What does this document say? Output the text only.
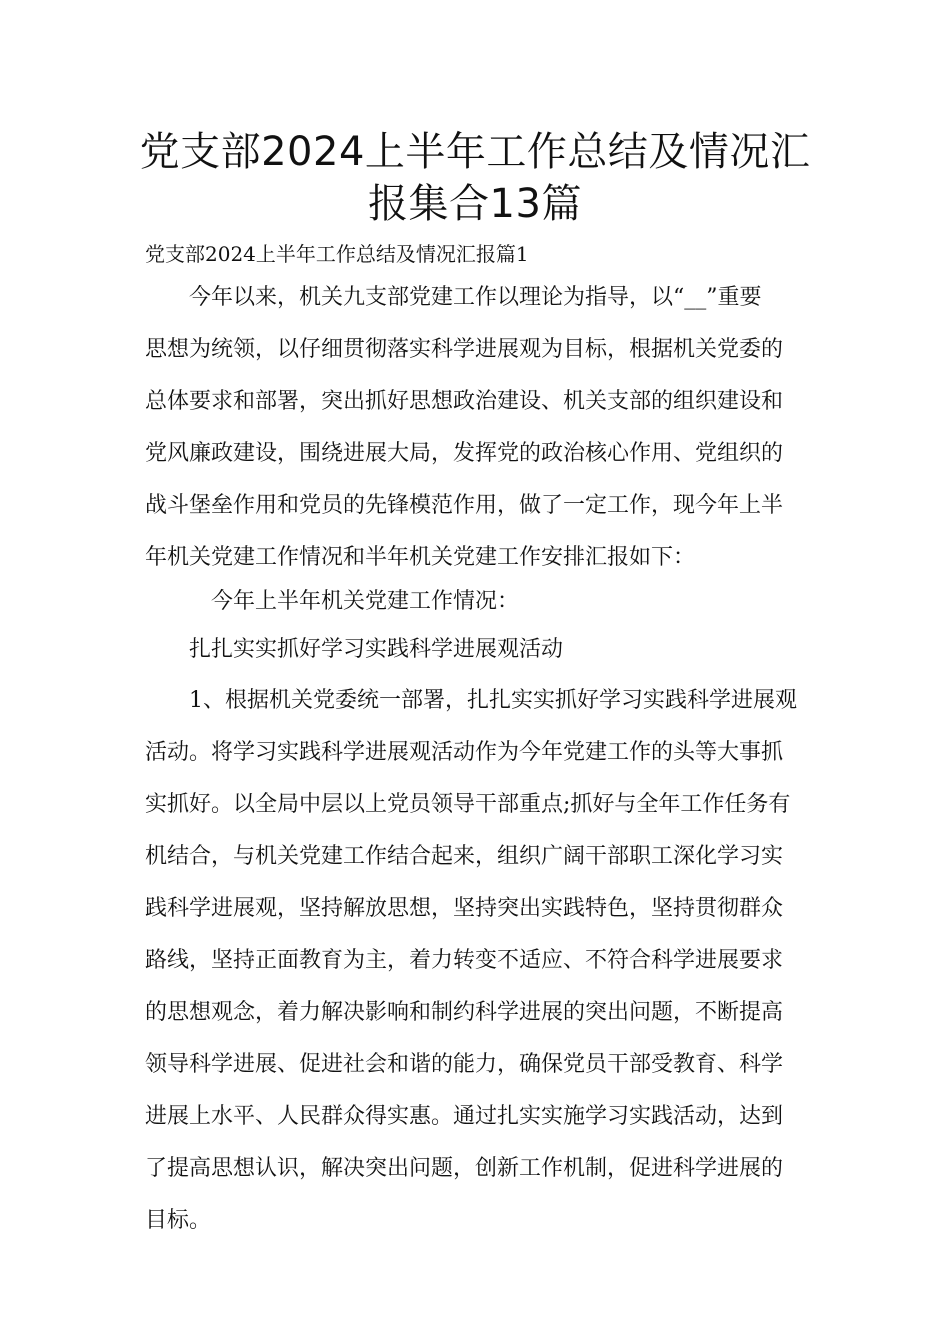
党支部2024上半年工作总结及情况汇
报集合13篇

党支部2024上半年工作总结及情况汇报篇1

今年以来，机关九支部党建工作以理论为指导，以“__”重要
思想为统领，以仔细贯彻落实科学进展观为目标，根据机关党委的
总体要求和部署，突出抓好思想政治建设、机关支部的组织建设和
党风廉政建设，围绕进展大局，发挥党的政治核心作用、党组织的
战斗堡垒作用和党员的先锋模范作用，做了一定工作，现今年上半
年机关党建工作情况和半年机关党建工作安排汇报如下：
今年上半年机关党建工作情况：
扎扎实实抓好学习实践科学进展观活动
1、根据机关党委统一部署，扎扎实实抓好学习实践科学进展观
活动。将学习实践科学进展观活动作为今年党建工作的头等大事抓
实抓好。以全局中层以上党员领导干部重点;抓好与全年工作任务有
机结合，与机关党建工作结合起来，组织广阔干部职工深化学习实
践科学进展观，坚持解放思想，坚持突出实践特色，坚持贯彻群众
路线，坚持正面教育为主，着力转变不适应、不符合科学进展要求
的思想观念，着力解决影响和制约科学进展的突出问题，不断提高
领导科学进展、促进社会和谐的能力，确保党员干部受教育、科学
进展上水平、人民群众得实惠。通过扎实实施学习实践活动，达到
了提高思想认识，解决突出问题，创新工作机制，促进科学进展的
目标。
